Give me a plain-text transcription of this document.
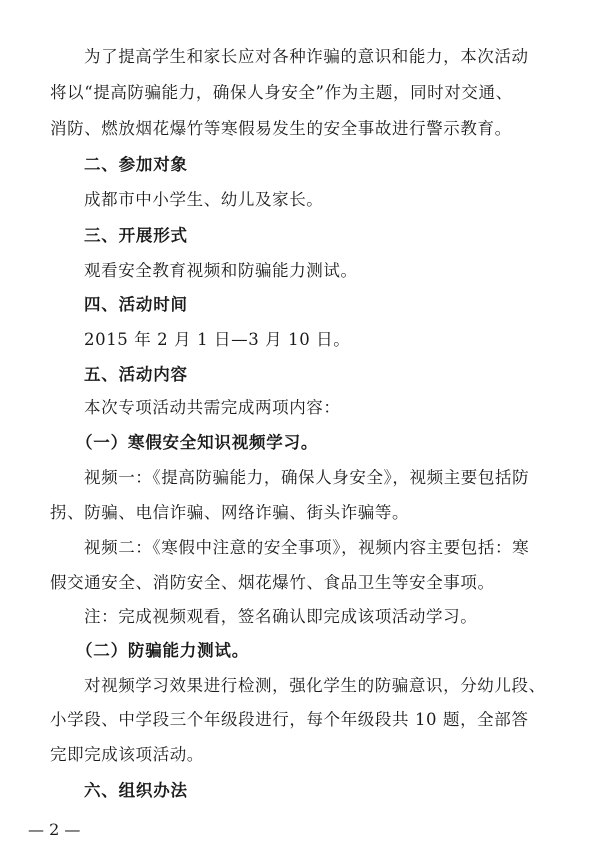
为了提高学生和家长应对各种诈骗的意识和能力，本次活动
将以“提高防骗能力，确保人身安全”作为主题，同时对交通、
消防、燃放烟花爆竹等寒假易发生的安全事故进行警示教育。
二、参加对象
成都市中小学生、幼儿及家长。
三、开展形式
观看安全教育视频和防骗能力测试。
四、活动时间
2015 年 2 月 1 日—3 月 10 日。
五、活动内容
本次专项活动共需完成两项内容：
（一）寒假安全知识视频学习。
视频一：《提高防骗能力，确保人身安全》，视频主要包括防
拐、防骗、电信诈骗、网络诈骗、街头诈骗等。
视频二：《寒假中注意的安全事项》，视频内容主要包括：寒
假交通安全、消防安全、烟花爆竹、食品卫生等安全事项。
注：完成视频观看，签名确认即完成该项活动学习。
（二）防骗能力测试。
对视频学习效果进行检测，强化学生的防骗意识，分幼儿段、
小学段、中学段三个年级段进行，每个年级段共 10 题，全部答
完即完成该项活动。
六、组织办法
— 2 —
